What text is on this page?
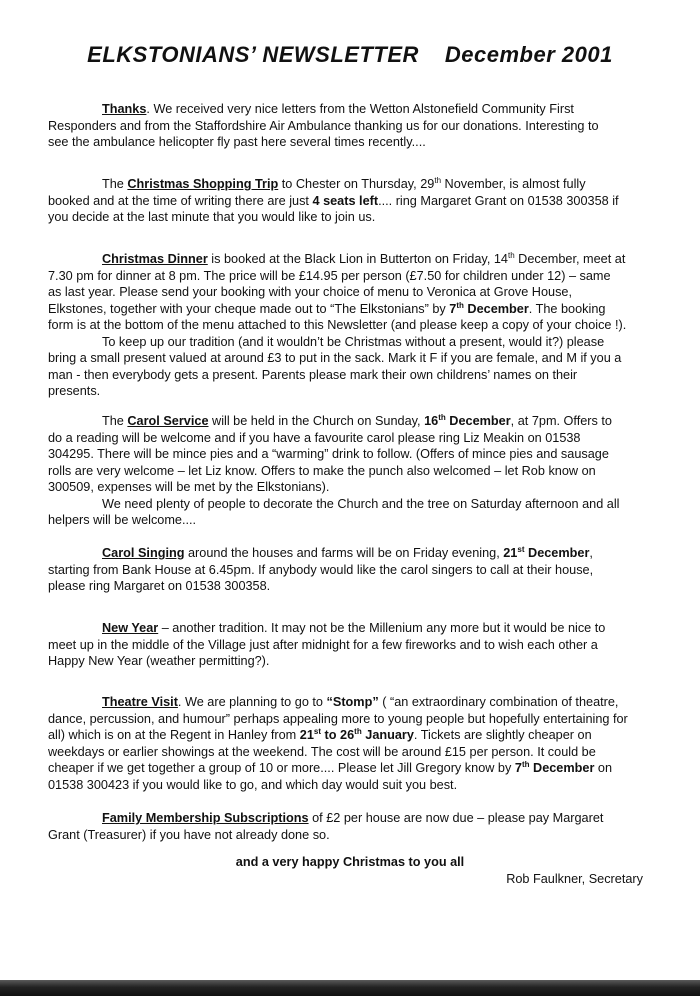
ELKSTONIANS’ NEWSLETTER December 2001
Thanks. We received very nice letters from the Wetton Alstonefield Community First
Responders and from the Staffordshire Air Ambulance thanking us for our donations. Interesting to
see the ambulance helicopter fly past here several times recently....
The Christmas Shopping Trip to Chester on Thursday, 29th November, is almost fully
booked and at the time of writing there are just 4 seats left.... ring Margaret Grant on 01538 300358 if
you decide at the last minute that you would like to join us.
Christmas Dinner is booked at the Black Lion in Butterton on Friday, 14th December, meet at
7.30 pm for dinner at 8 pm. The price will be £14.95 per person (£7.50 for children under 12) – same
as last year. Please send your booking with your choice of menu to Veronica at Grove House,
Elkstones, together with your cheque made out to “The Elkstonians” by 7th December. The booking
form is at the bottom of the menu attached to this Newsletter (and please keep a copy of your choice !).
To keep up our tradition (and it wouldn’t be Christmas without a present, would it?) please
bring a small present valued at around £3 to put in the sack. Mark it F if you are female, and M if you a
man - then everybody gets a present. Parents please mark their own childrens’ names on their
presents.
The Carol Service will be held in the Church on Sunday, 16th December, at 7pm. Offers to
do a reading will be welcome and if you have a favourite carol please ring Liz Meakin on 01538
304295. There will be mince pies and a “warming” drink to follow. (Offers of mince pies and sausage
rolls are very welcome – let Liz know. Offers to make the punch also welcomed – let Rob know on
300509, expenses will be met by the Elkstonians).
We need plenty of people to decorate the Church and the tree on Saturday afternoon and all
helpers will be welcome....
Carol Singing around the houses and farms will be on Friday evening, 21st December,
starting from Bank House at 6.45pm. If anybody would like the carol singers to call at their house,
please ring Margaret on 01538 300358.
New Year – another tradition. It may not be the Millenium any more but it would be nice to
meet up in the middle of the Village just after midnight for a few fireworks and to wish each other a
Happy New Year (weather permitting?).
Theatre Visit. We are planning to go to “Stomp” ( “an extraordinary combination of theatre,
dance, percussion, and humour” perhaps appealing more to young people but hopefully entertaining for
all) which is on at the Regent in Hanley from 21st to 26th January. Tickets are slightly cheaper on
weekdays or earlier showings at the weekend. The cost will be around £15 per person. It could be
cheaper if we get together a group of 10 or more.... Please let Jill Gregory know by 7th December on
01538 300423 if you would like to go, and which day would suit you best.
Family Membership Subscriptions of £2 per house are now due – please pay Margaret
Grant (Treasurer) if you have not already done so.
and a very happy Christmas to you all
Rob Faulkner, Secretary
